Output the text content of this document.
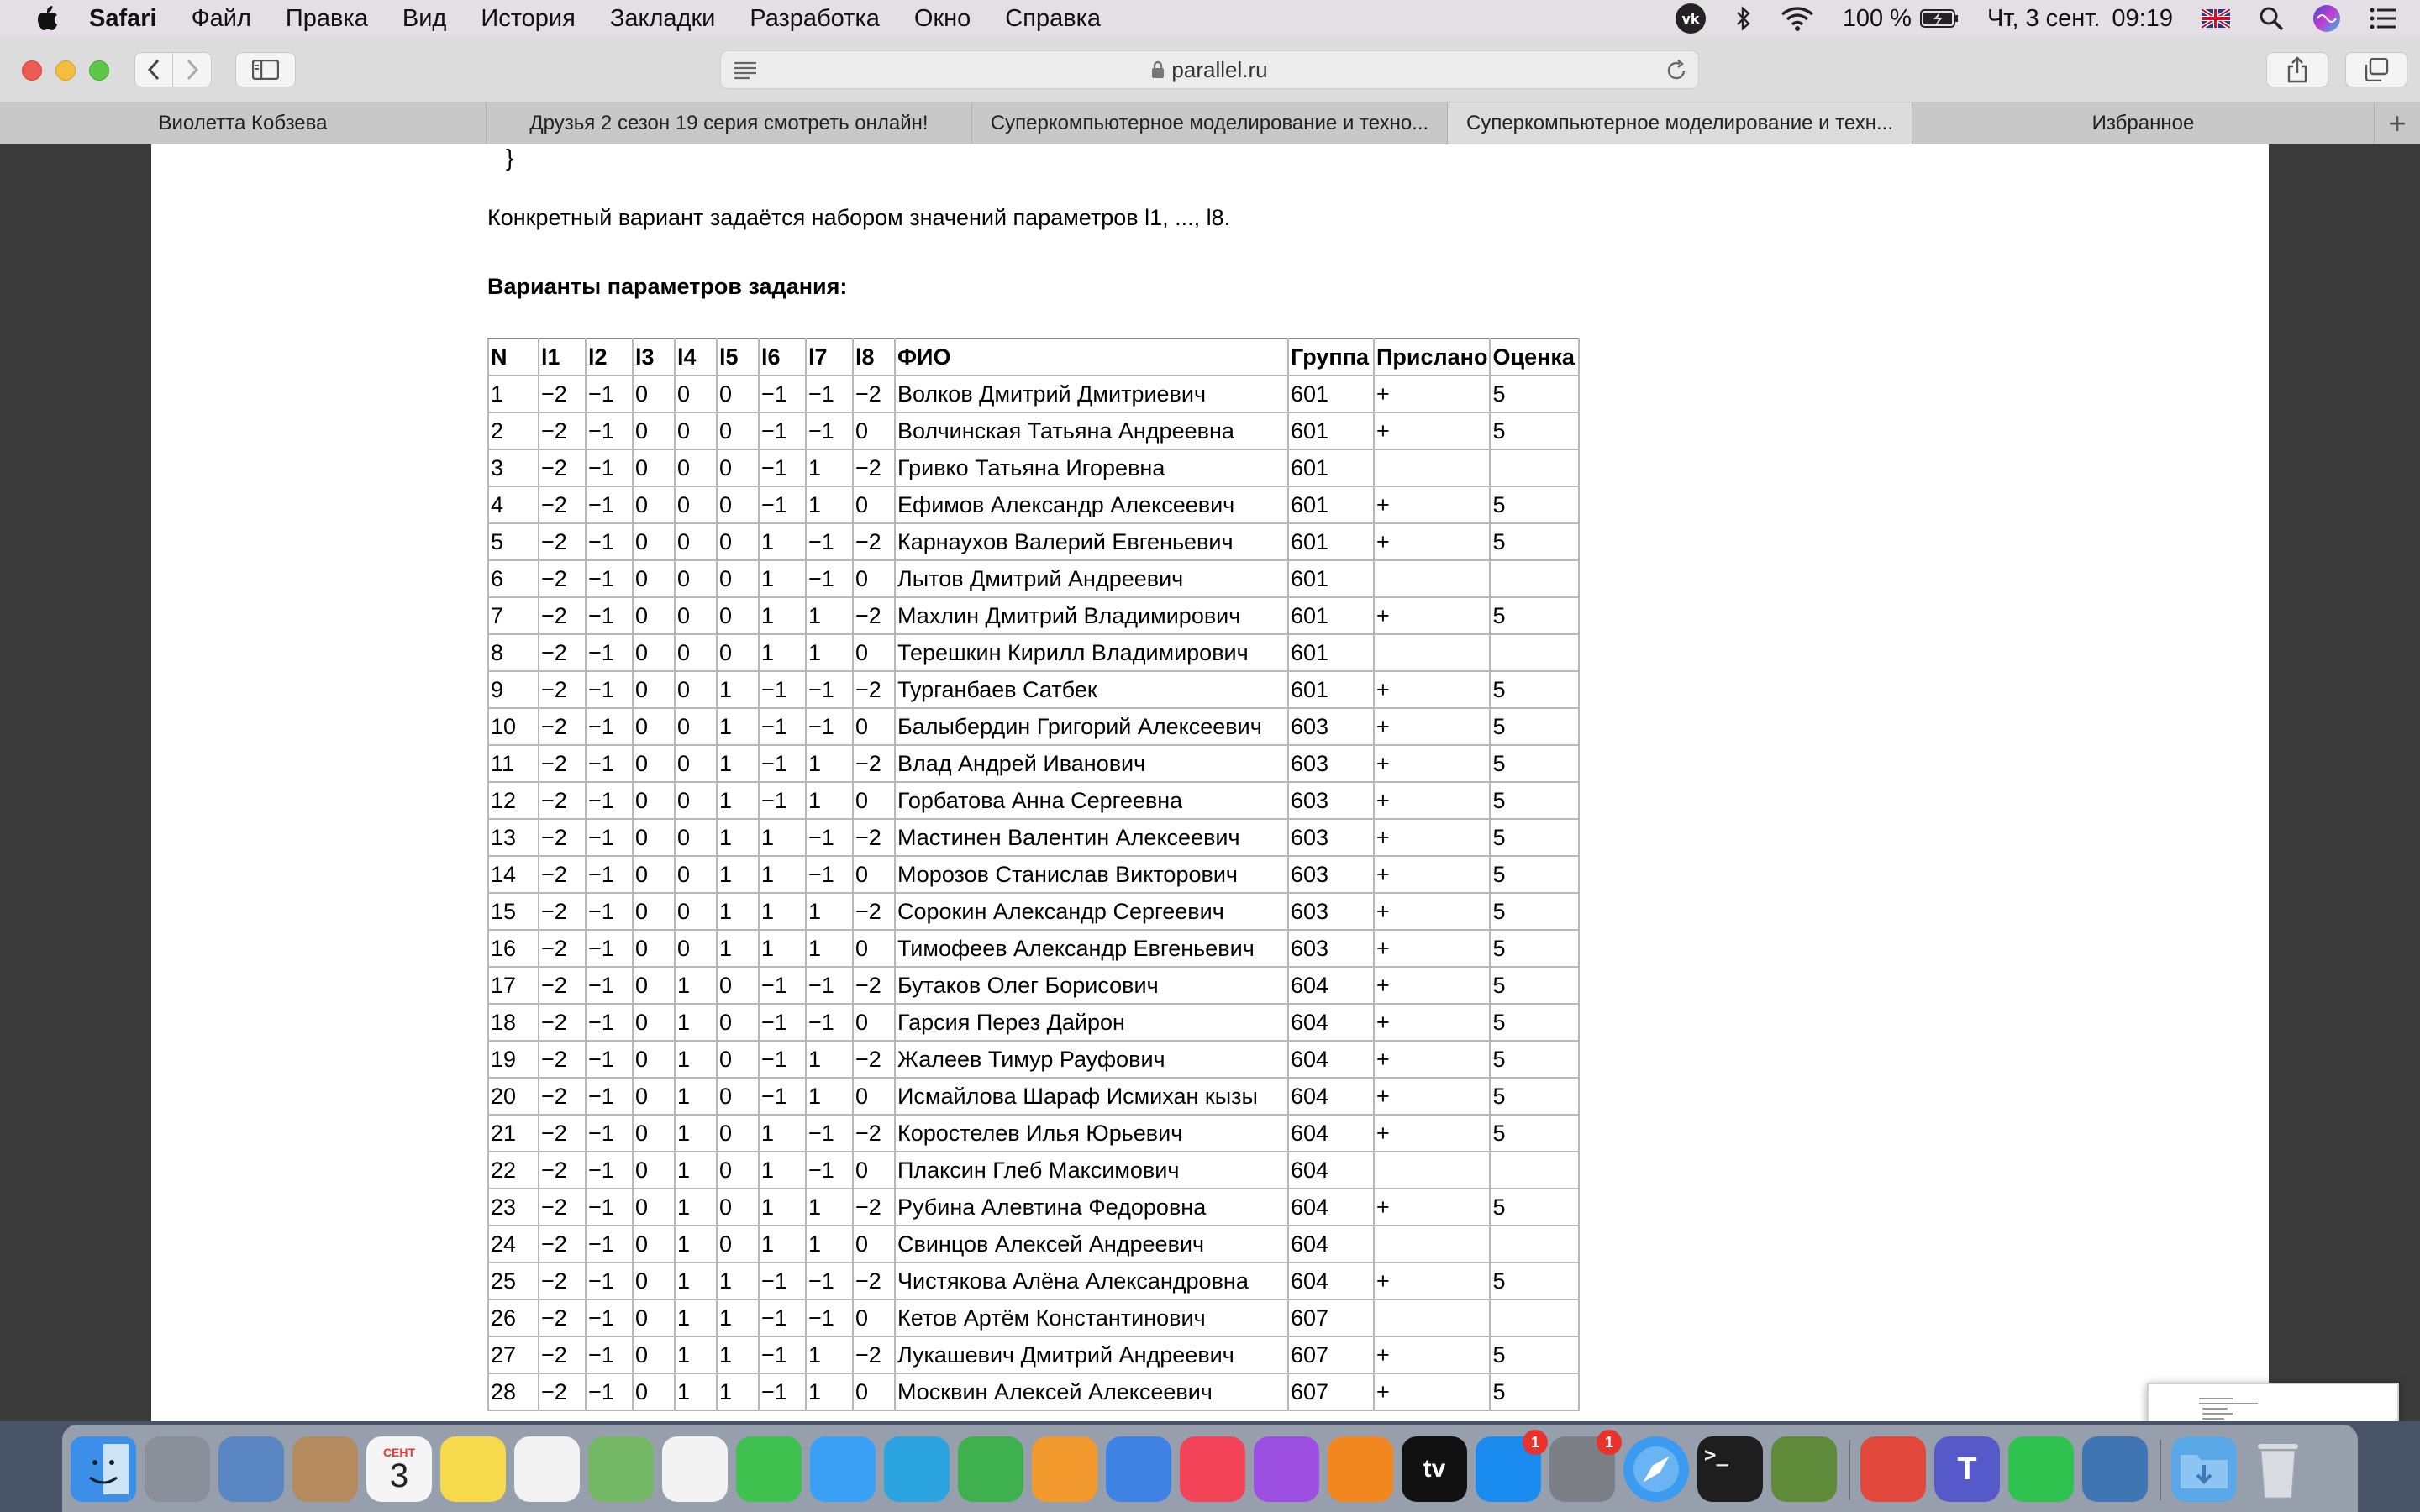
Safari Файл Правка Вид История Закладки Разработка Окно Справка	vk	100 %	Чт, 3 сент. 09:19
parallel.ru
Виолетта Кобзева	Друзья 2 сезон 19 серия смотреть онлайн!	Суперкомпьютерное моделирование и техно... Суперкомпьютерное моделирование и техн...	Избранное	+
}
Конкретный вариант задаётся набором значений параметров l1, ..., l8.
Варианты параметров задания:
N	l1	l2	l3	l4	l5	l6	l7	l8	ФИО	Группа	Прислано	Оценка
1	−2	−1	0	0	0	−1	−1	−2	Волков Дмитрий Дмитриевич	601	+	5
2	−2	−1	0	0	0	−1	−1	0	Волчинская Татьяна Андреевна	601	+	5
3	−2	−1	0	0	0	−1	1	−2	Гривко Татьяна Игоревна	601		
4	−2	−1	0	0	0	−1	1	0	Ефимов Александр Алексеевич	601	+	5
5	−2	−1	0	0	0	1	−1	−2	Карнаухов Валерий Евгеньевич	601	+	5
6	−2	−1	0	0	0	1	−1	0	Лытов Дмитрий Андреевич	601		
7	−2	−1	0	0	0	1	1	−2	Махлин Дмитрий Владимирович	601	+	5
8	−2	−1	0	0	0	1	1	0	Терешкин Кирилл Владимирович	601		
9	−2	−1	0	0	1	−1	−1	−2	Турганбаев Сатбек	601	+	5
10	−2	−1	0	0	1	−1	−1	0	Балыбердин Григорий Алексеевич	603	+	5
11	−2	−1	0	0	1	−1	1	−2	Влад Андрей Иванович	603	+	5
12	−2	−1	0	0	1	−1	1	0	Горбатова Анна Сергеевна	603	+	5
13	−2	−1	0	0	1	1	−1	−2	Мастинен Валентин Алексеевич	603	+	5
14	−2	−1	0	0	1	1	−1	0	Морозов Станислав Викторович	603	+	5
15	−2	−1	0	0	1	1	1	−2	Сорокин Александр Сергеевич	603	+	5
16	−2	−1	0	0	1	1	1	0	Тимофеев Александр Евгеньевич	603	+	5
17	−2	−1	0	1	0	−1	−1	−2	Бутаков Олег Борисович	604	+	5
18	−2	−1	0	1	0	−1	−1	0	Гарсия Перез Дайрон	604	+	5
19	−2	−1	0	1	0	−1	1	−2	Жалеев Тимур Рауфович	604	+	5
20	−2	−1	0	1	0	−1	1	0	Исмайлова Шараф Исмихан кызы	604	+	5
21	−2	−1	0	1	0	1	−1	−2	Коростелев Илья Юрьевич	604	+	5
22	−2	−1	0	1	0	1	−1	0	Плаксин Глеб Максимович	604		
23	−2	−1	0	1	0	1	1	−2	Рубина Алевтина Федоровна	604	+	5
24	−2	−1	0	1	0	1	1	0	Свинцов Алексей Андреевич	604		
25	−2	−1	0	1	1	−1	−1	−2	Чистякова Алёна Александровна	604	+	5
26	−2	−1	0	1	1	−1	−1	0	Кетов Артём Константинович	607		
27	−2	−1	0	1	1	−1	1	−2	Лукашевич Дмитрий Андреевич	607	+	5
28	−2	−1	0	1	1	−1	1	0	Москвин Алексей Алексеевич	607	+	5
СЕНТ
3	tv
1	1
>_	T
